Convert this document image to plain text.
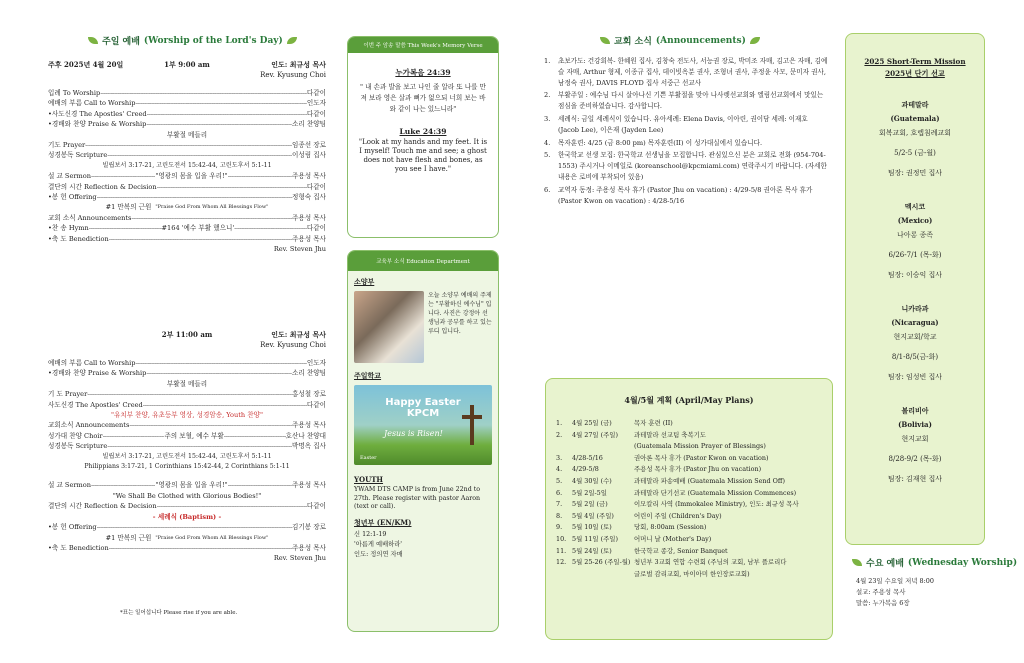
주일 예배 (Worship of the Lord's Day)
주후 2025년 4월 20일	1부 9:00 am	인도: 최규성 목사
Rev. Kyusung Choi
입례 To Worship -----	다같이
예배의 부름 Call to Worship -----	인도자
•사도신경 The Apostles' Creed -----	다같이
•경배와 찬양 Praise & Worship -----	소리 찬양팀
부활절 메들리
기도 Prayer -----	임종선 장로
성경봉독 Scripture -----	이성림 집사
빌립보서 3:17-21, 고린도전서 15:42-44, 고린도후서 5:1-11
설 교 Sermon -----	"영광의 몸을 입을 우리!" -----	주용성 목사
결단의 시간 Reflection & Decision -----	다같이
•봉 헌 Offering -----	정형숙 집사
#1 만복의 근원 "Praise God From Whom All Blessings Flow"
교회 소식 Announcements -----	주용성 목사
•찬 송 Hymn -----	#164 '예수 부활 했으니' -----	다같이
•축 도 Benediction -----	주용성 목사
Rev. Steven Jhu
2부 11:00 am	인도: 최규성 목사
Rev. Kyusung Choi
예배의 부름 Call to Worship -----	인도자
•경배와 찬양 Praise & Worship -----	소리 찬양팀
부활절 메들리
기 도 Prayer -----	홍성철 장로
사도신경 The Apostles' Creed -----	다같이
"유치부 찬양, 유초등부 영상, 성경암송, Youth 찬양"
교회소식 Announcements -----	주용성 목사
성가대 찬양 Choir -----	주의 보혈, 예수 부활 -----	호산나 찬양대
성경봉독 Scripture -----	박명옥 집사
빌립보서 3:17-21, 고린도전서 15:42-44, 고린도후서 5:1-11
Philippians 3:17-21, 1 Corinthians 15:42-44, 2 Corinthians 5:1-11
설 교 Sermon -----	"영광의 몸을 입을 우리!" -----	주용성 목사
"We Shall Be Clothed with Glorious Bodies!"
결단의 시간 Reflection & Decision -----	다같이
- 세례식 (Baptism) -
•봉 헌 Offering -----	김기봉 장로
#1 만복의 근원 "Praise God From Whom All Blessings Flow"
•축 도 Benediction -----	주용성 목사
Rev. Steven Jhu
*표는 일어섭니다 Please rise if you are able.
이번 주 암송 말씀 This Week's Memory Verse
누가복음 24:39
" 내 손과 발을 보고 나인 줄 알라 또 나를 만져 보라 영은 살과 뼈가 없으되 너희 보는 바와 같이 나는 있느니라"
Luke 24:39
"Look at my hands and my feet. It is I myself! Touch me and see; a ghost does not have flesh and bones, as you see I have."
교육부 소식 Education Department
소양부
오늘 소양부 예배의 주제는 "부활하신 예수님" 입니다. 사진은 강정아 선생님과 공부를 하고 있는 루디 입니다.
주일학교
Happy Easter
KPCM
Jesus is Risen!
Easter
YOUTH
YWAM DTS CAMP is from June 22nd to 27th. Please register with pastor Aaron (text or call).
청년부 (EN/KM)
신 12:1-19
'아름게 예배하라'
인도: 정의연 자매
교회 소식 (Announcements)
1.	초보가도: 건강회복- 한혜원 집사, 김창숙 전도사, 서능권 장로, 박미조 자매, 김고은 자매, 김예슬 자매, Arthur 형제, 이종규 집사, 데이빗옥분 권사, 조형녀 권사, 주정윤 사모, 문미자 권사, 남정숙 권사, DAVIS FLOYD 집사 서중근 선교사
2.	부활주일 : 예수님 다시 살아나신 기쁜 부활절을 맞아 나사렛선교회와 엘림선교회에서 맛있는 점심을 준비하였습니다. 감사합니다.
3.	세례식: 금일 세례식이 있습니다. 유아세례: Elena Davis, 이아린, 권이담 세례: 이재호 (Jacob Lee), 이은재 (Jayden Lee)
4.	목자훈련: 4/25 (금 8:00 pm) 목자훈련(II) 이 성가대실에서 있습니다.
5.	한국학교 선생 모집: 한국학교 선생님을 모집합니다. 관심있으신 분은 교회로 전화 (954-704-1553) 주시거나 이메일로 (koreanschool@kpcmiami.com) 연락주시기 바랍니다. (자세한 내용은 로비에 부착되어 있음)
6.	교역자 동정: 주용성 목사 휴가 (Pastor Jhu on vacation) : 4/29-5/8 권아론 목사 휴가 (Pastor Kwon on vacation) : 4/28-5/16
4월/5월 계획 (April/May Plans)
1.	4월 25일 (금)	목자 훈련 (II)
2.	4월 27일 (주일)	과테말라 선교팀 축복기도
(Guatemala Mission Prayer of Blessings)
3.	4/28-5/16	권아론 목사 휴가 (Pastor Kwon on vacation)
4.	4/29-5/8	주용성 목사 휴가 (Pastor Jhu on vacation)
5.	4월 30일 (수)	과테말라 파송예배 (Guatemala Mission Send Off)
6.	5월 2일-5일	과테말라 단기선교 (Guatemala Mission Commences)
7.	5월 2일 (금)	이모칼리 사역 (Immokalee Ministry), 인도: 최규성 목사
8.	5월 4일 (주일)	어린이 주일 (Children's Day)
9.	5월 10일 (토)	당회, 8:00am (Session)
10. 5월 11일 (주일)	어머니 날 (Mother's Day)
11. 5월 24일 (토)	한국학교 종강, Senior Banquet
12. 5월 25-26 (주일-월) 청년부 3교회 연합 수련회 (주님의 교회, 남부 플로리다
글로벌 감리교회, 마이아미 한인장로교회)
2025 Short-Term Mission
2025년 단기 선교
과테말라
(Guatemala)
회복교회, 호렙침례교회
5/2-5 (금-월)
팀장: 권정민 집사
멕시코
(Mexico)
나아롱 종족
6/26-7/1 (목-화)
팀장: 이승익 집사
니카라과
(Nicaragua)
현지교회/학교
8/1-8/5(금-화)
팀장: 임성빈 집사
볼리비아
(Bolivia)
현지교회
8/28-9/2 (목-화)
팀장: 김재현 집사
수요 예배 (Wednesday Worship)
4월 23일 수요일 저녁 8:00
설교: 주용성 목사
말씀: 누가복음 6장
